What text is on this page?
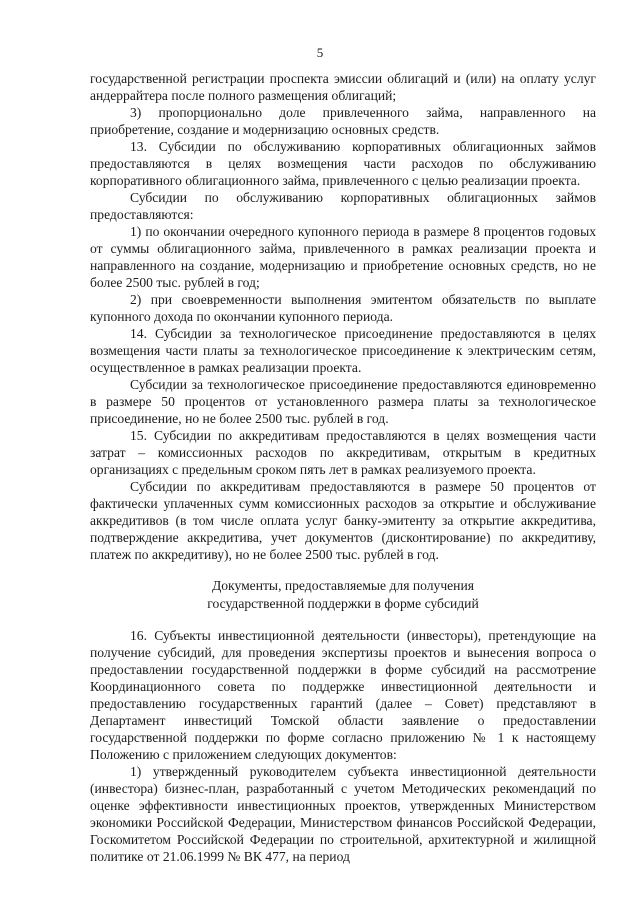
5

государственной регистрации проспекта эмиссии облигаций и (или) на оплату услуг андеррайтера после полного размещения облигаций;

3) пропорционально доле привлеченного займа, направленного на приобретение, создание и модернизацию основных средств.

13. Субсидии по обслуживанию корпоративных облигационных займов предоставляются в целях возмещения части расходов по обслуживанию корпоративного облигационного займа, привлеченного с целью реализации проекта.

Субсидии по обслуживанию корпоративных облигационных займов предоставляются:

1) по окончании очередного купонного периода в размере 8 процентов годовых от суммы облигационного займа, привлеченного в рамках реализации проекта и направленного на создание, модернизацию и приобретение основных средств, но не более 2500 тыс. рублей в год;

2) при своевременности выполнения эмитентом обязательств по выплате купонного дохода по окончании купонного периода.

14. Субсидии за технологическое присоединение предоставляются в целях возмещения части платы за технологическое присоединение к электрическим сетям, осуществленное в рамках реализации проекта.

Субсидии за технологическое присоединение предоставляются единовременно в размере 50 процентов от установленного размера платы за технологическое присоединение, но не более 2500 тыс. рублей в год.

15. Субсидии по аккредитивам предоставляются в целях возмещения части затрат – комиссионных расходов по аккредитивам, открытым в кредитных организациях с предельным сроком пять лет в рамках реализуемого проекта.

Субсидии по аккредитивам предоставляются в размере 50 процентов от фактически уплаченных сумм комиссионных расходов за открытие и обслуживание аккредитивов (в том числе оплата услуг банку-эмитенту за открытие аккредитива, подтверждение аккредитива, учет документов (дисконтирование) по аккредитиву, платеж по аккредитиву), но не более 2500 тыс. рублей в год.

Документы, предоставляемые для получения
государственной поддержки в форме субсидий

16. Субъекты инвестиционной деятельности (инвесторы), претендующие на получение субсидий, для проведения экспертизы проектов и вынесения вопроса о предоставлении государственной поддержки в форме субсидий на рассмотрение Координационного совета по поддержке инвестиционной деятельности и предоставлению государственных гарантий (далее – Совет) представляют в Департамент инвестиций Томской области заявление о предоставлении государственной поддержки по форме согласно приложению № 1 к настоящему Положению с приложением следующих документов:

1) утвержденный руководителем субъекта инвестиционной деятельности (инвестора) бизнес-план, разработанный с учетом Методических рекомендаций по оценке эффективности инвестиционных проектов, утвержденных Министерством экономики Российской Федерации, Министерством финансов Российской Федерации, Госкомитетом Российской Федерации по строительной, архитектурной и жилищной политике от 21.06.1999 № ВК 477, на период
